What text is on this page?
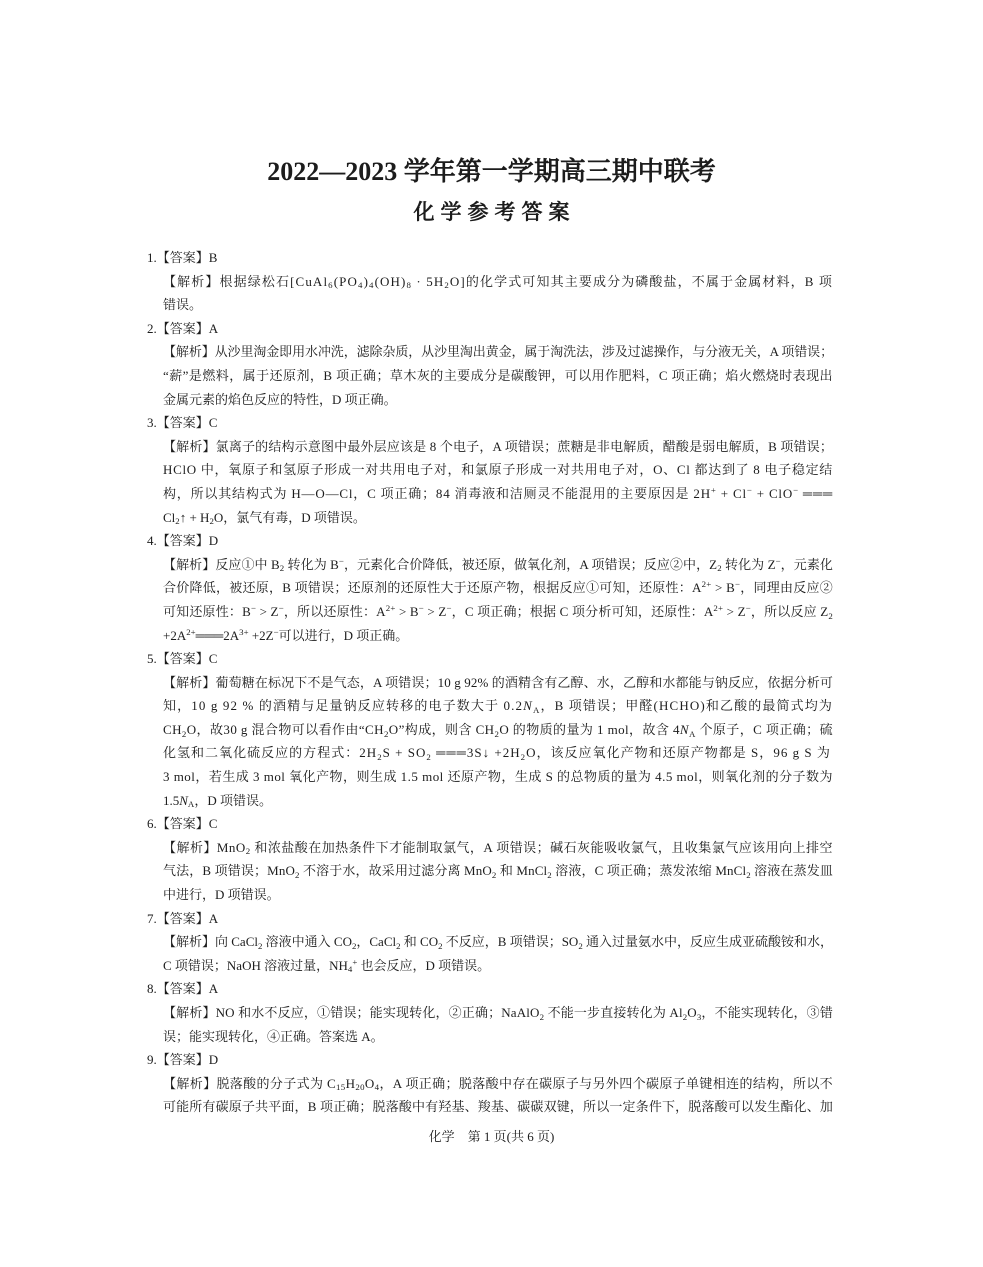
2022—2023 学年第一学期高三期中联考
化学参考答案
1.【答案】B
【解析】根据绿松石$[CuAl_6(PO_4)_4(OH)_8 \cdot 5H_2O]$的化学式可知其主要成分为磷酸盐，不属于金属材料，B 项
错误。
2.【答案】A
【解析】从沙里淘金即用水冲洗，滤除杂质，从沙里淘出黄金，属于淘洗法，涉及过滤操作，与分液无关，A 项错误；
“薪”是燃料，属于还原剂，B 项正确；草木灰的主要成分是碳酸钾，可以用作肥料，C 项正确；焰火燃烧时表现出
金属元素的焰色反应的特性，D 项正确。
3.【答案】C
【解析】氯离子的结构示意图中最外层应该是 8 个电子，A 项错误；蔗糖是非电解质，醋酸是弱电解质，B 项错误；
HClO 中，氧原子和氢原子形成一对共用电子对，和氯原子形成一对共用电子对，O、Cl 都达到了 8 电子稳定结
构，所以其结构式为 H—O—Cl，C 项正确；84 消毒液和洁厕灵不能混用的主要原因是 2H+ + Cl− + ClO− ═══
$Cl_2↑ + H_2O$，氯气有毒，D 项错误。
4.【答案】D
【解析】反应①中 $B_2$ 转化为 B−，元素化合价降低，被还原，做氧化剂，A 项错误；反应②中，$Z_2$ 转化为 Z−，元素化
合价降低，被还原，B 项错误；还原剂的还原性大于还原产物，根据反应①可知，还原性：$A^{2+} > B^-$，同理由反应②
可知还原性：B− > Z−，所以还原性：$A^{2+} > B^- > Z^-$，C 项正确；根据 C 项分析可知，还原性：$A^{2+} > Z^-$，所以反应 $Z_2$
$+2A^{2+}═══2A^{3+} +2Z^-$可以进行，D 项正确。
5.【答案】C
【解析】葡萄糖在标况下不是气态，A 项错误；10 g 92% 的酒精含有乙醇、水，乙醇和水都能与钠反应，依据分析可
知，10 g 92 % 的酒精与足量钠反应转移的电子数大于 $0.2N_A$，B 项错误；甲醛(HCHO)和乙酸的最简式均为
$CH_2O$，故30 g 混合物可以看作由“$CH_2O$”构成，则含 $CH_2O$ 的物质的量为 1 mol，故含 $4N_A$ 个原子，C 项正确；硫
化氢和二氧化硫反应的方程式：$2H_2S + SO_2$ ═══3S↓ $+2H_2O$，该反应氧化产物和还原产物都是 S，96 g S 为
3 mol，若生成 3 mol 氧化产物，则生成 1.5 mol 还原产物，生成 S 的总物质的量为 4.5 mol，则氧化剂的分子数为
$1.5N_A$，D 项错误。
6.【答案】C
【解析】MnO$_2$ 和浓盐酸在加热条件下才能制取氯气，A 项错误；碱石灰能吸收氯气，且收集氯气应该用向上排空
气法，B 项错误；MnO$_2$ 不溶于水，故采用过滤分离 MnO$_2$ 和 MnCl$_2$ 溶液，C 项正确；蒸发浓缩 MnCl$_2$ 溶液在蒸发皿
中进行，D 项错误。
7.【答案】A
【解析】向 CaCl$_2$ 溶液中通入 $CO_2$，CaCl$_2$ 和 $CO_2$ 不反应，B 项错误；$SO_2$ 通入过量氨水中，反应生成亚硫酸铵和水，
C 项错误；NaOH 溶液过量，$NH_4^+$ 也会反应，D 项错误。
8.【答案】A
【解析】NO 和水不反应，①错误；能实现转化，②正确；NaAlO$_2$ 不能一步直接转化为 $Al_2O_3$，不能实现转化，③错
误；能实现转化，④正确。答案选 A。
9.【答案】D
【解析】脱落酸的分子式为 $C_{15}H_{20}O_4$，A 项正确；脱落酸中存在碳原子与另外四个碳原子单键相连的结构，所以不
可能所有碳原子共平面，B 项正确；脱落酸中有羟基、羧基、碳碳双键，所以一定条件下，脱落酸可以发生酯化、加
化学　第 1 页(共 6 页)
